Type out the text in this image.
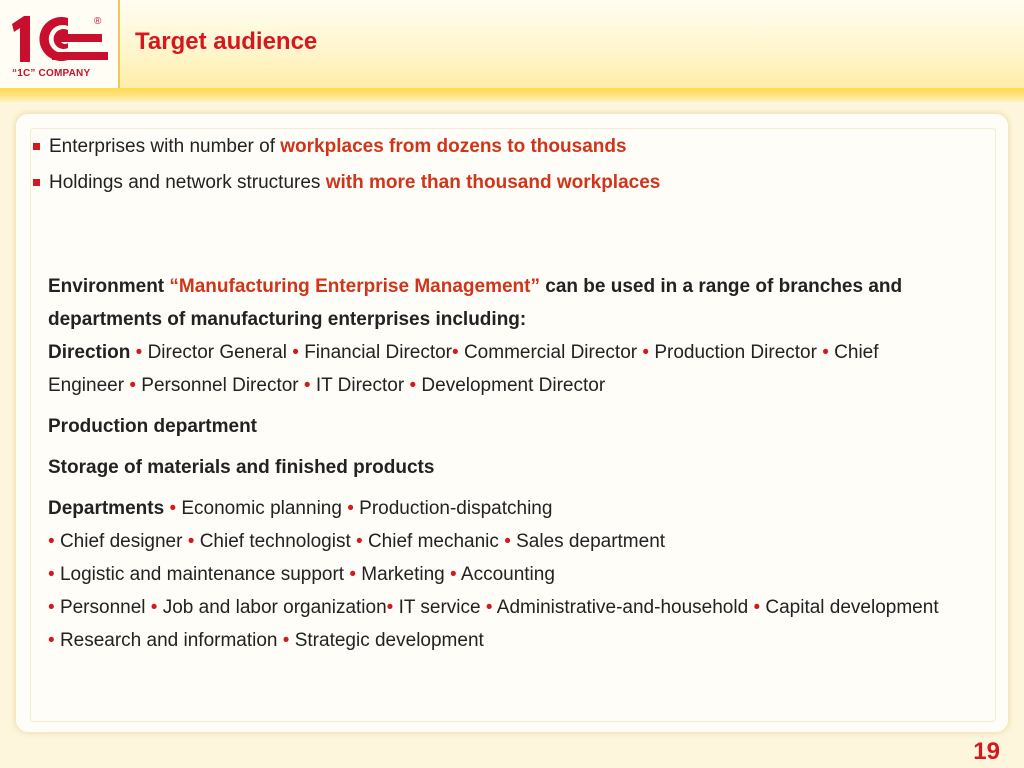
®
“1C” COMPANY
Target audience
Enterprises with number of workplaces from dozens to thousands
Holdings and network structures with more than thousand workplaces

Environment “Manufacturing Enterprise Management” can be used in a range of branches and departments of manufacturing enterprises including:

Direction • Director General • Financial Director• Commercial Director • Production Director • Chief Engineer • Personnel Director • IT Director • Development Director

Production department

Storage of materials and finished products

Departments • Economic planning • Production-dispatching
• Chief designer • Chief technologist • Chief mechanic • Sales department
• Logistic and maintenance support • Marketing • Accounting
• Personnel • Job and labor organization• IT service • Administrative-and-household • Capital development • Research and information • Strategic development

19
